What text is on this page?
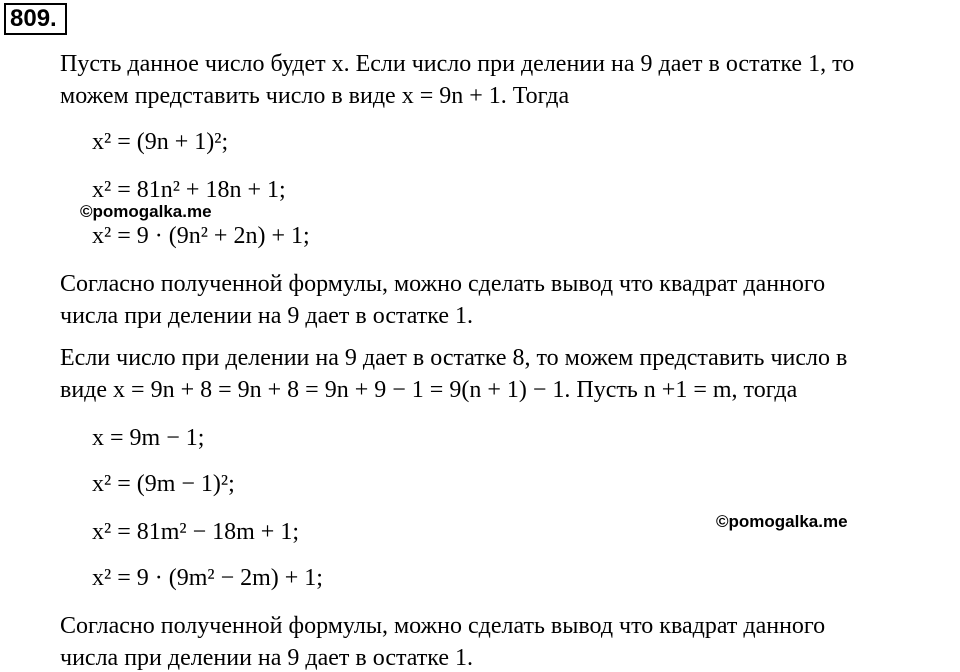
809.
Пусть данное число будет x. Если число при делении на 9 дает в остатке 1, то
можем представить число в виде x = 9n + 1. Тогда
x² = (9n + 1)²;
x² = 81n² + 18n + 1;
©pomogalka.me
x² = 9 · (9n² + 2n) + 1;
Согласно полученной формулы, можно сделать вывод что квадрат данного
числа при делении на 9 дает в остатке 1.
Если число при делении на 9 дает в остатке 8, то можем представить число в
виде x = 9n + 8 = 9n + 8 = 9n + 9 − 1 = 9(n + 1) − 1. Пусть n +1 = m, тогда
x = 9m − 1;
x² = (9m − 1)²;
x² = 81m² − 18m + 1;	©pomogalka.me
x² = 9 · (9m² − 2m) + 1;
Согласно полученной формулы, можно сделать вывод что квадрат данного
числа при делении на 9 дает в остатке 1.
